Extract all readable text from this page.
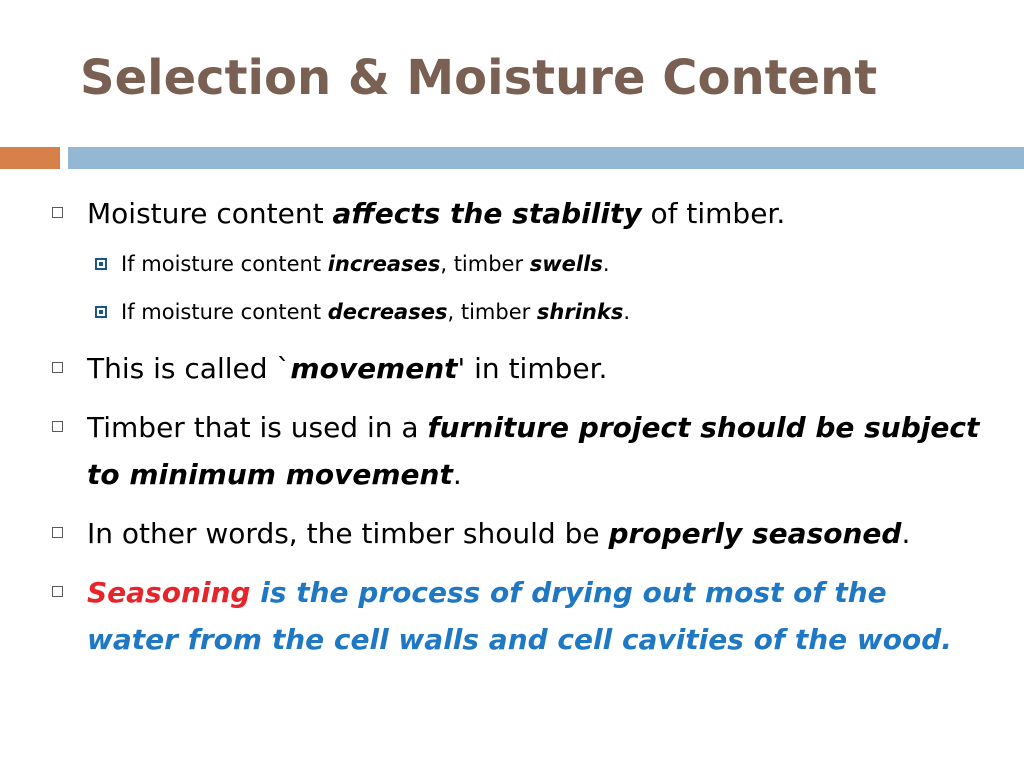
Selection & Moisture Content
Moisture content affects the stability of timber.
If moisture content increases, timber swells.
If moisture content decreases, timber shrinks.
This is called `movement' in timber.
Timber that is used in a furniture project should be subject to minimum movement.
In other words, the timber should be properly seasoned.
Seasoning is the process of drying out most of the water from the cell walls and cell cavities of the wood.
